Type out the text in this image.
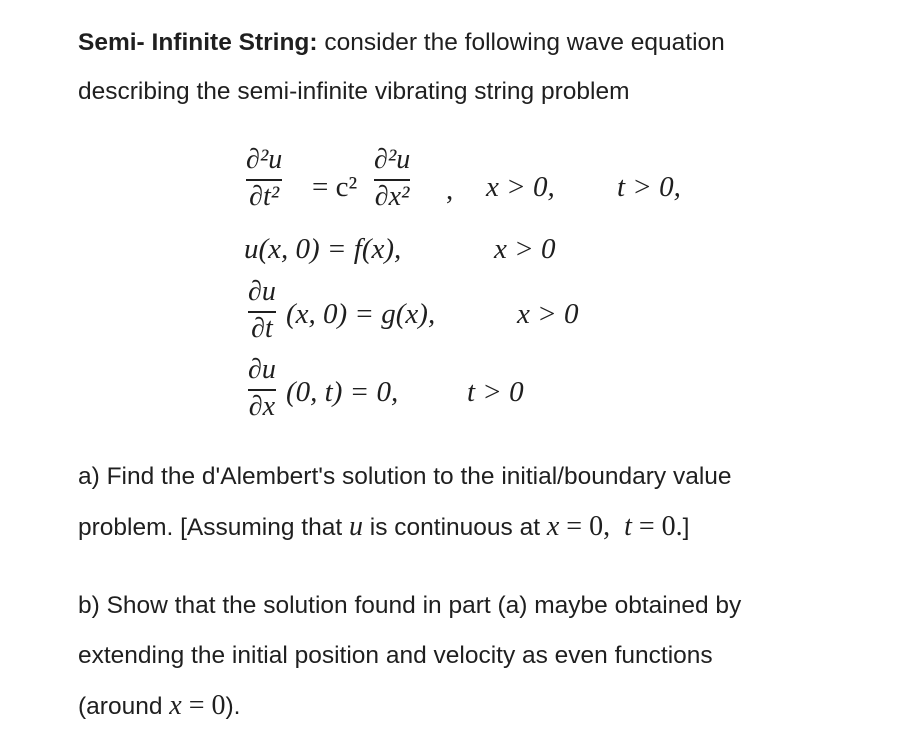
Semi- Infinite String: consider the following wave equation
describing the semi-infinite vibrating string problem
∂²u
∂t² = c²
∂²u
∂x² , x > 0, t > 0,
u(x, 0) = f(x),	x > 0
∂u
∂t (x, 0) = g(x),	x > 0
∂u
∂x (0, t) = 0, t > 0
a) Find the d'Alembert's solution to the initial/boundary value
problem. [Assuming that u is continuous at x = 0,  t = 0.]
b) Show that the solution found in part (a) maybe obtained by
extending the initial position and velocity as even functions
(around x = 0).
